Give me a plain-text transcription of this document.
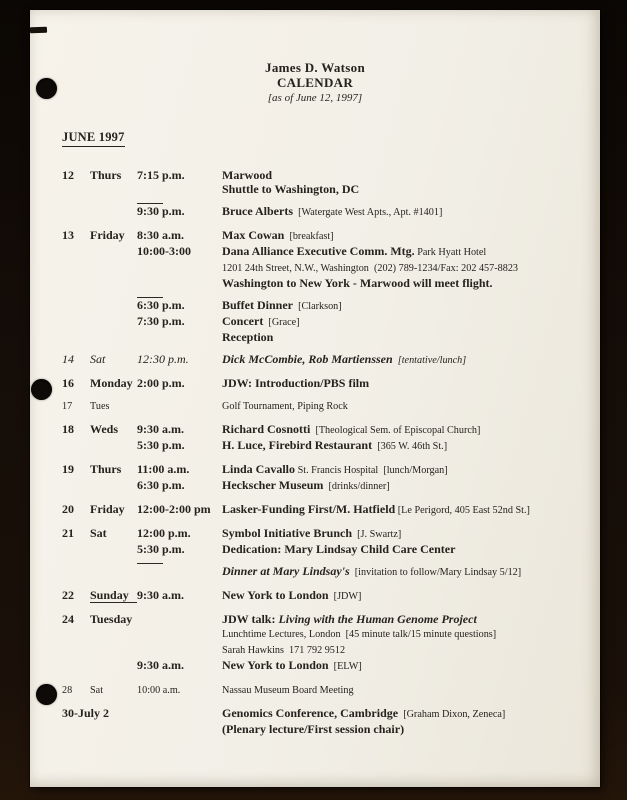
James D. Watson
CALENDAR
[as of June 12, 1997]
JUNE 1997
12	Thurs	7:15 p.m.	Marwood
Shuttle to Washington, DC
9:30 p.m.	Bruce Alberts  [Watergate West Apts., Apt. #1401]
13	Friday	8:30 a.m.	Max Cowan  [breakfast]
10:00-3:00	Dana Alliance Executive Comm. Mtg. Park Hyatt Hotel
1201 24th Street, N.W., Washington  (202) 789-1234/Fax: 202 457-8823
Washington to New York - Marwood will meet flight.
6:30 p.m.	Buffet Dinner  [Clarkson]
7:30 p.m.	Concert  [Grace]
Reception
14	Sat	12:30 p.m.	Dick McCombie, Rob Martienssen  [tentative/lunch]
16	Monday 2:00 p.m.	JDW: Introduction/PBS film
17	Tues	Golf Tournament, Piping Rock
18	Weds	9:30 a.m.	Richard Cosnotti  [Theological Sem. of Episcopal Church]
5:30 p.m.	H. Luce, Firebird Restaurant  [365 W. 46th St.]
19	Thurs	11:00 a.m.	Linda Cavallo St. Francis Hospital  [lunch/Morgan]
6:30 p.m.	Heckscher Museum  [drinks/dinner]
20	Friday	12:00-2:00 pm Lasker-Funding First/M. Hatfield [Le Perigord, 405 East 52nd St.]
21	Sat	12:00 p.m.	Symbol Initiative Brunch  [J. Swartz]
5:30 p.m.	Dedication: Mary Lindsay Child Care Center
Dinner at Mary Lindsay's  [invitation to follow/Mary Lindsay 5/12]
22	Sunday 9:30 a.m.	New York to London  [JDW]
24	Tuesday	JDW talk: Living with the Human Genome Project
Lunchtime Lectures, London  [45 minute talk/15 minute questions]
Sarah Hawkins  171 792 9512
9:30 a.m.	New York to London  [ELW]
28	Sat	10:00 a.m.	Nassau Museum Board Meeting
30-July 2	Genomics Conference, Cambridge  [Graham Dixon, Zeneca]
(Plenary lecture/First session chair)
